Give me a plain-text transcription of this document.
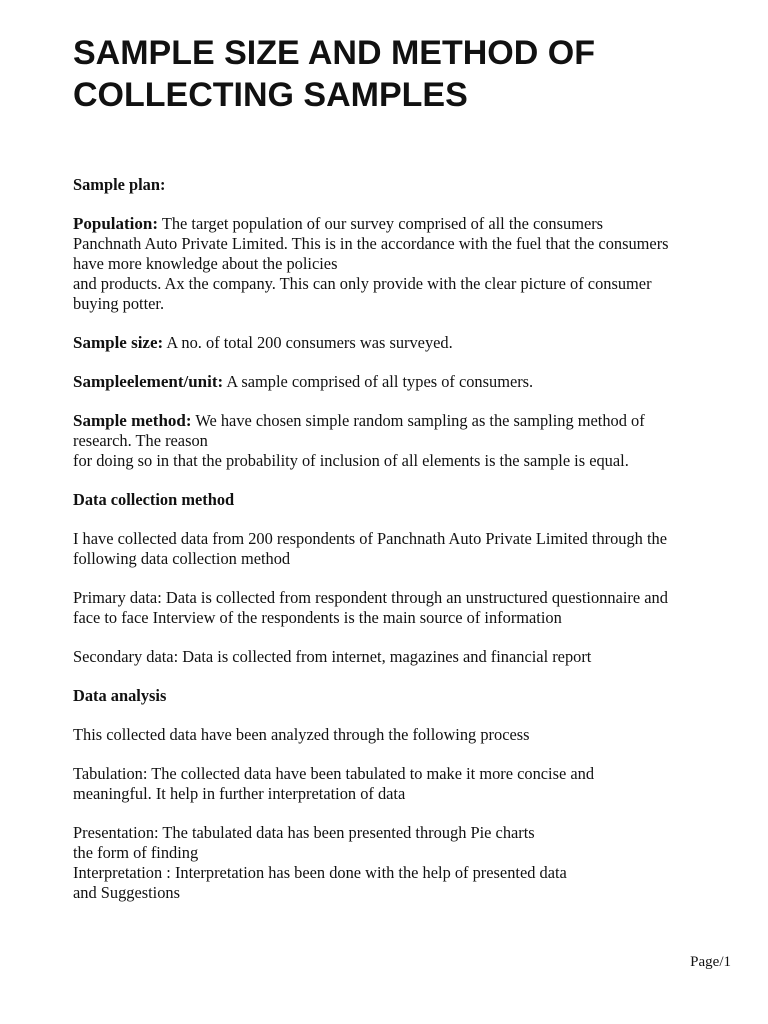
SAMPLE SIZE AND METHOD OF
COLLECTING SAMPLES

Sample plan:

Population: The target population of our survey comprised of all the consumers
Panchnath Auto Private Limited. This is in the accordance with the fuel that the consumers
have more knowledge about the policies
and products. Ax the company. This can only provide with the clear picture of consumer
buying potter.

Sample size: A no. of total 200 consumers was surveyed.

Sampleelement/unit: A sample comprised of all types of consumers.

Sample method: We have chosen simple random sampling as the sampling method of
research. The reason
for doing so in that the probability of inclusion of all elements is the sample is equal.

Data collection method

I have collected data from 200 respondents of Panchnath Auto Private Limited through the
following data collection method

Primary data: Data is collected from respondent through an unstructured questionnaire and
face to face Interview of the respondents is the main source of information

Secondary data: Data is collected from internet, magazines and financial report

Data analysis

This collected data have been analyzed through the following process

Tabulation: The collected data have been tabulated to make it more concise and
meaningful. It help in further interpretation of data

Presentation: The tabulated data has been presented through Pie charts
the form of finding
Interpretation : Interpretation has been done with the help of presented data
and Suggestions

Page/1
